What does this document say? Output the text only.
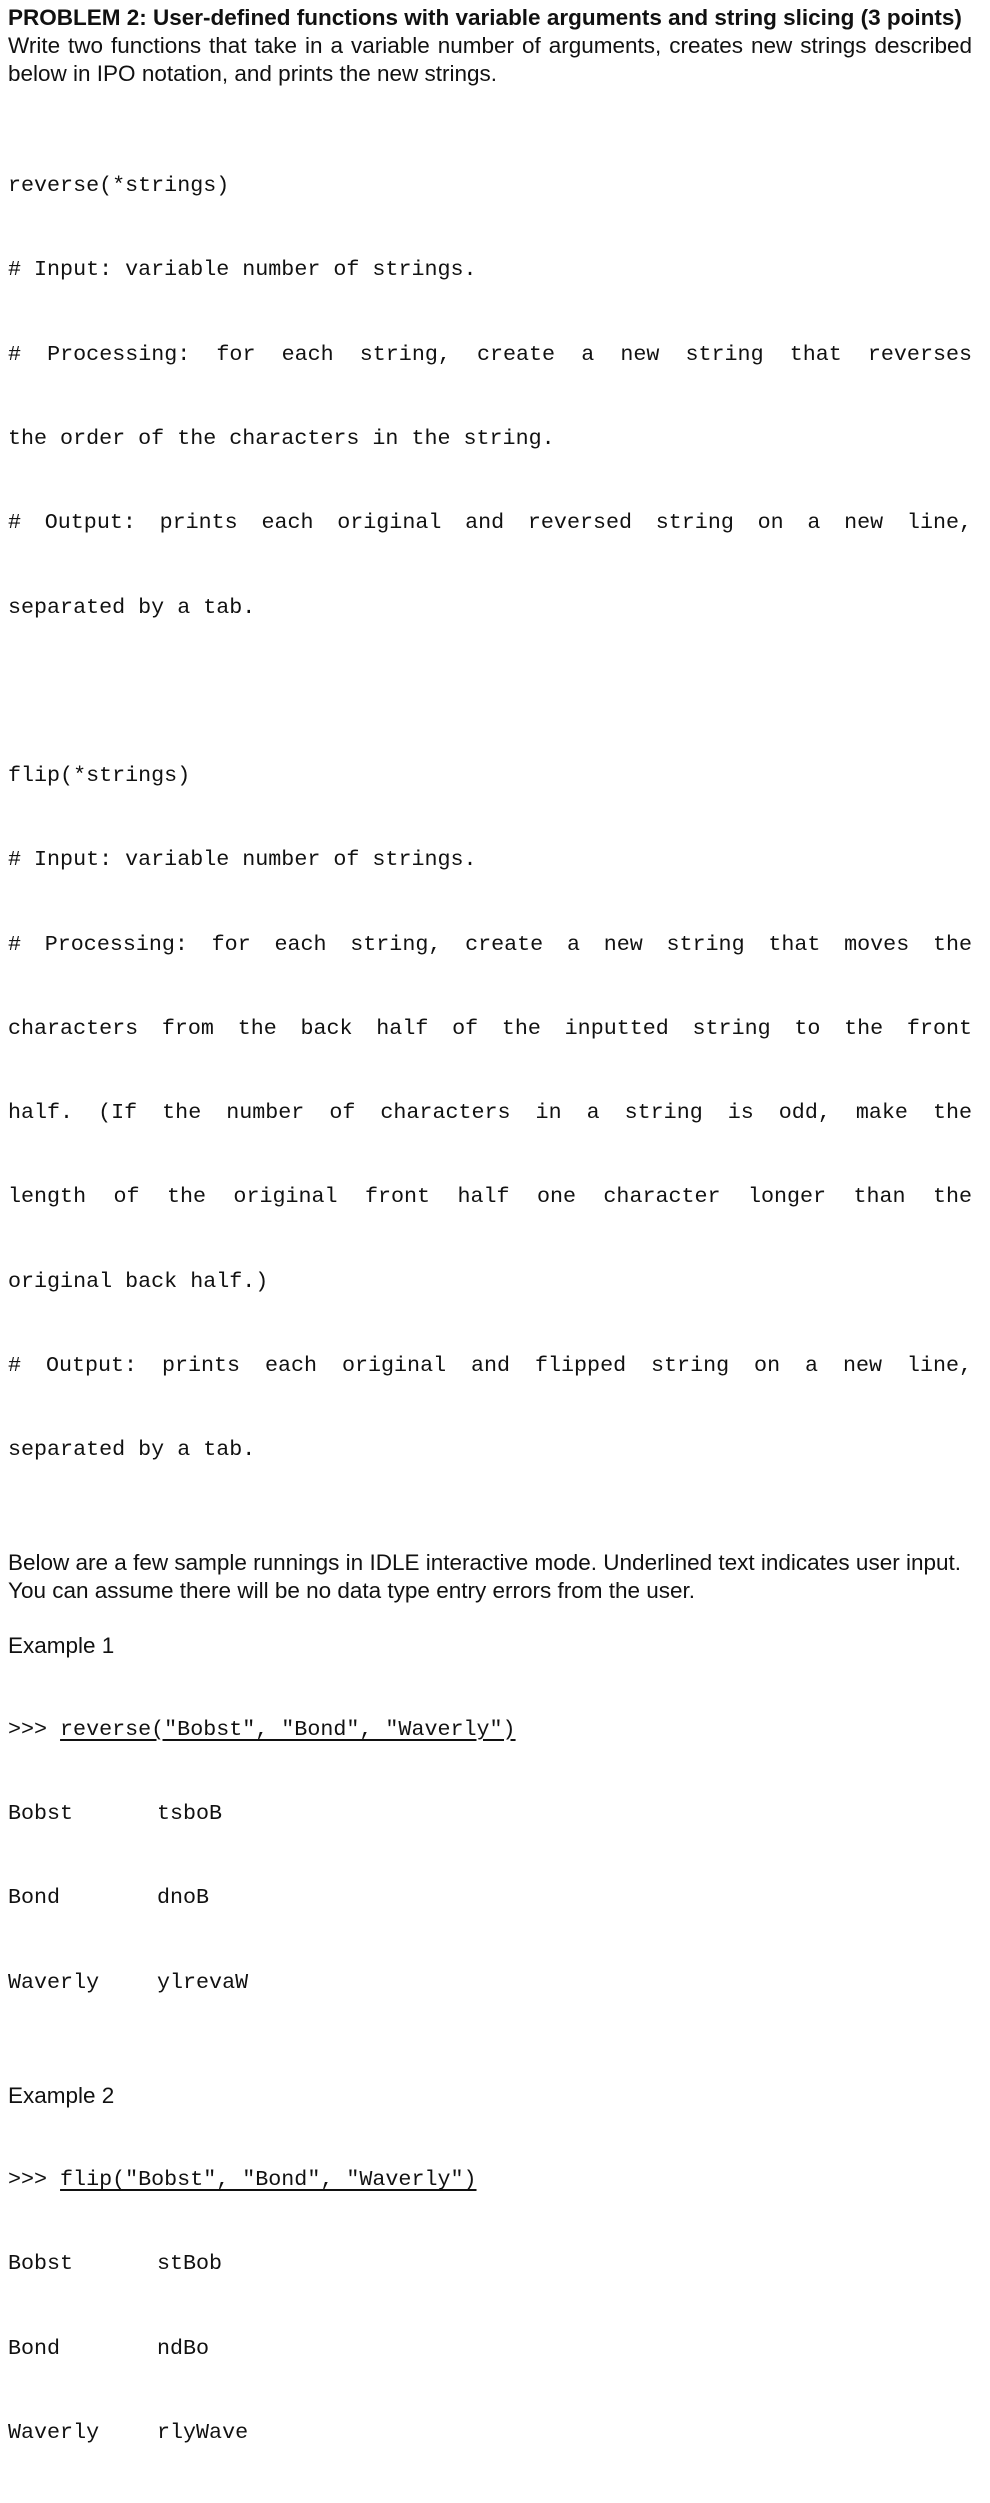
PROBLEM 2: User-defined functions with variable arguments and string slicing (3 points)

Write two functions that take in a variable number of arguments, creates new strings described below in IPO notation, and prints the new strings.

reverse(*strings)

# Input: variable number of strings.

# Processing: for each string, create a new string that reverses

the order of the characters in the string.

# Output: prints each original and reversed string on a new line,

separated by a tab.

flip(*strings)

# Input: variable number of strings.

# Processing: for each string, create a new string that moves the

characters from the back half of the inputted string to the front

half. (If the number of characters in a string is odd, make the

length of the original front half one character longer than the

original back half.)

# Output: prints each original and flipped string on a new line,

separated by a tab.

Below are a few sample runnings in IDLE interactive mode. Underlined text indicates user input. You can assume there will be no data type entry errors from the user.

Example 1

>>> reverse("Bobst", "Bond", "Waverly")

Bobst	tsboB

Bond	dnoB

Waverly	ylrevaW

Example 2

>>> flip("Bobst", "Bond", "Waverly")

Bobst	stBob

Bond	ndBo

Waverly	rlyWave
